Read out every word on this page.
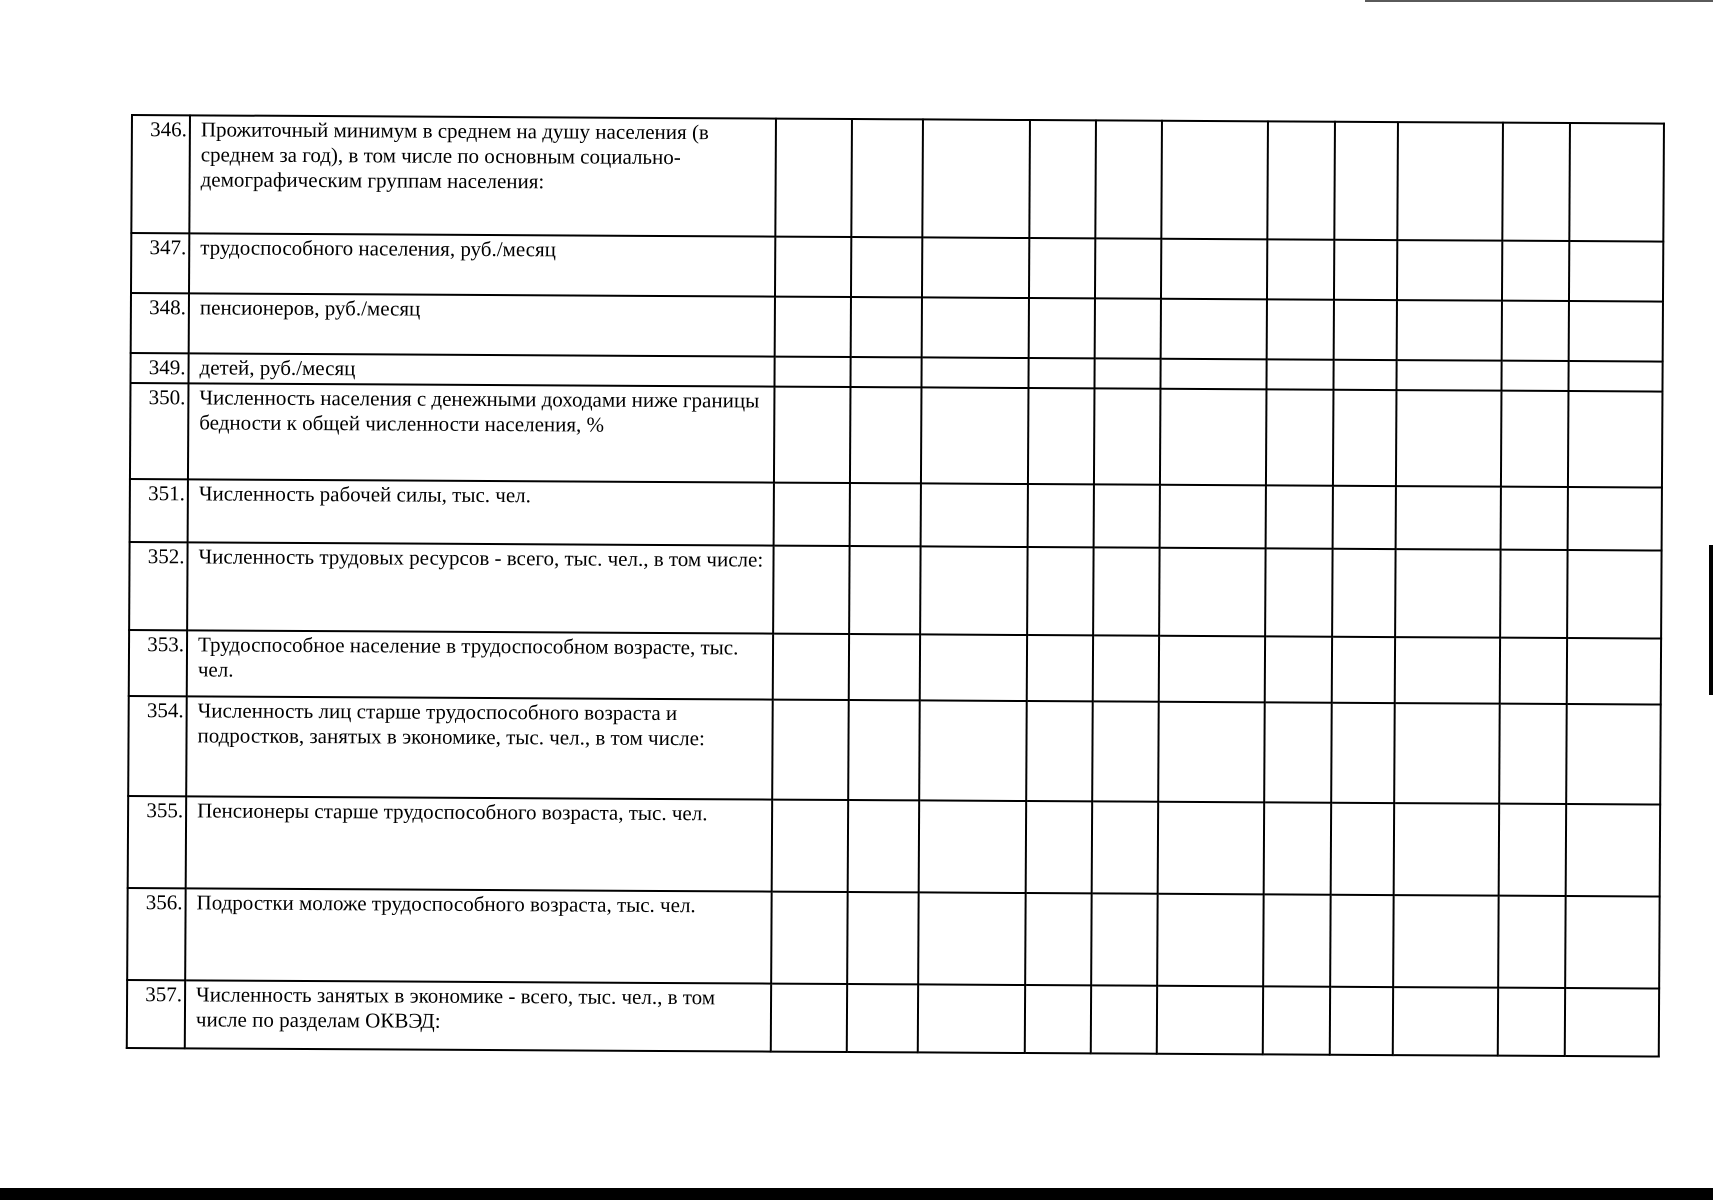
346.	Прожиточный минимум в среднем на душу населения (в среднем за год), в том числе по основным социально-демографическим группам населения:											
347.	трудоспособного населения, руб./месяц											
348.	пенсионеров, руб./месяц											
349.	детей, руб./месяц											
350.	Численность населения с денежными доходами ниже границы бедности к общей численности населения, %											
351.	Численность рабочей силы, тыс. чел.											
352.	Численность трудовых ресурсов - всего, тыс. чел., в том числе:											
353.	Трудоспособное население в трудоспособном возрасте, тыс. чел.											
354.	Численность лиц старше трудоспособного возраста и подростков, занятых в экономике, тыс. чел., в том числе:											
355.	Пенсионеры старше трудоспособного возраста, тыс. чел.											
356.	Подростки моложе трудоспособного возраста, тыс. чел.											
357.	Численность занятых в экономике - всего, тыс. чел., в том числе по разделам ОКВЭД:											
